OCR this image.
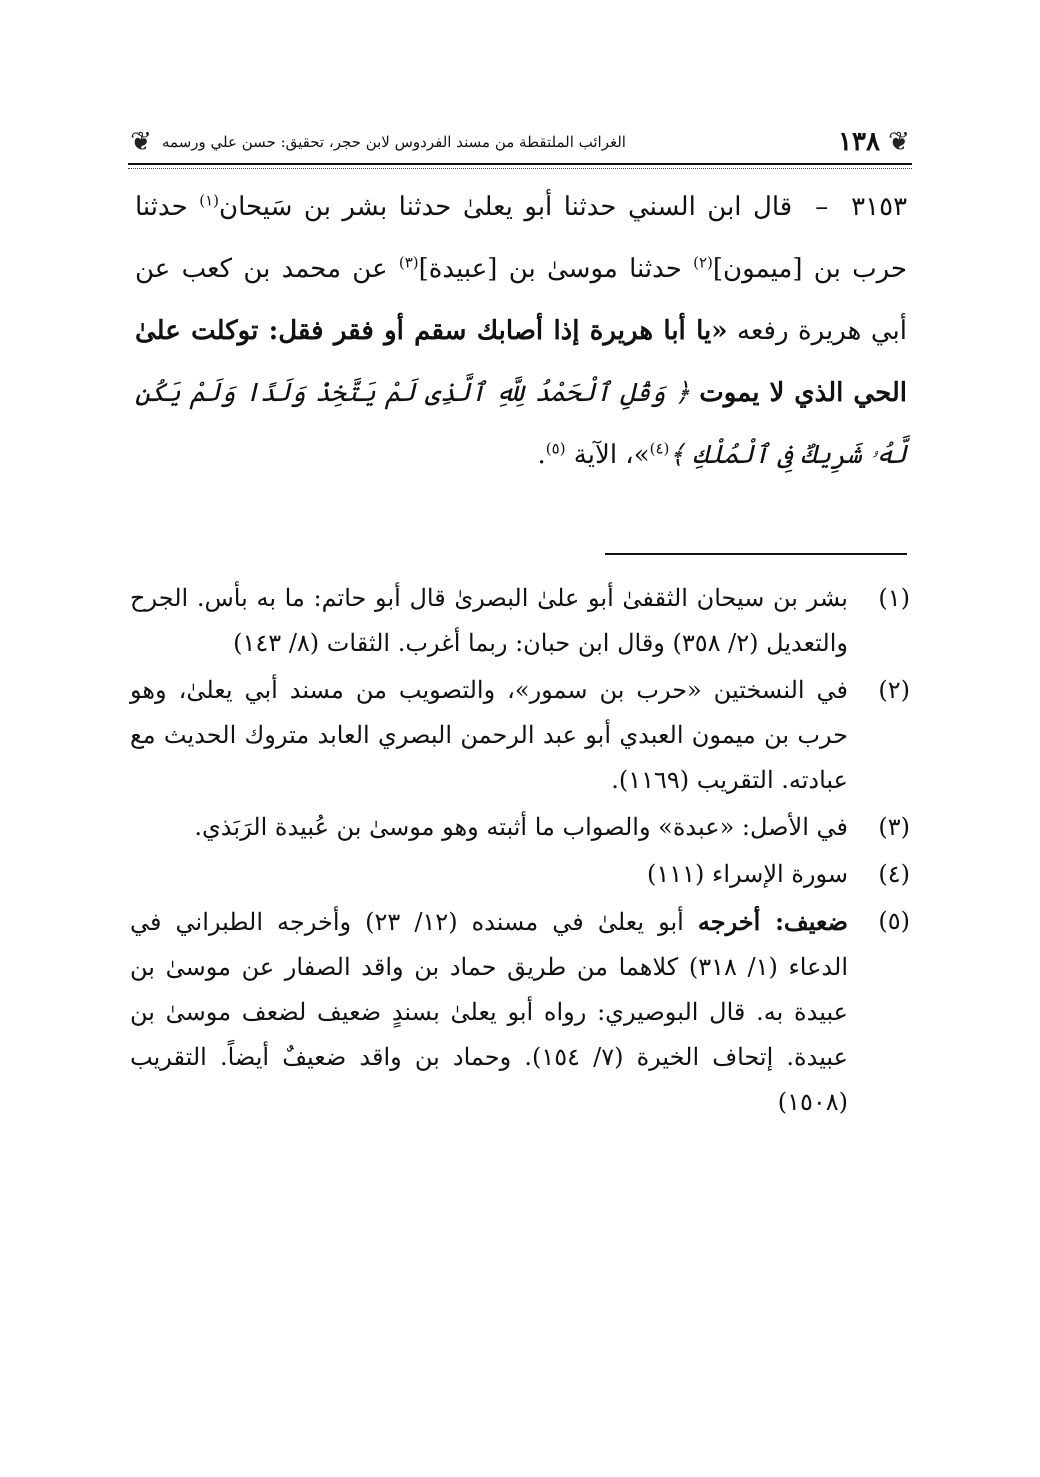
❦
١٣٨
الغرائب الملتقطة من مسند الفردوس لابن حجر، تحقيق: حسن علي ورسمه
❦

٣١٥٣  –  قال ابن السني حدثنا أبو يعلىٰ حدثنا بشر بن سَيحان$^{(١)}$ حدثنا حرب بن [ميمون]$^{(٢)}$ حدثنا موسىٰ بن [عبيدة]$^{(٣)}$ عن محمد بن كعب عن أبي هريرة رفعه «يا أبا هريرة إذا أصابك سقم أو فقر فقل: توكلت علىٰ الحي الذي لا يموت ﴿ وَقُلِ ٱلْحَمْدُ لِلَّهِ ٱلَّذِى لَمْ يَتَّخِذْ وَلَدًا وَلَمْ يَكُن لَّهُۥ شَرِيكٌ فِى ٱلْمُلْكِ ﴾$^{(٤)}$»، الآية $^{(٥)}$.

(١)
بشر بن سيحان الثقفىٰ أبو علىٰ البصرىٰ قال أبو حاتم: ما به بأس. الجرح والتعديل (٢/ ٣٥٨) وقال ابن حبان: ربما أغرب. الثقات (٨/ ١٤٣)
(٢)
في النسختين «حرب بن سمور»، والتصويب من مسند أبي يعلىٰ، وهو حرب بن ميمون العبدي أبو عبد الرحمن البصري العابد متروك الحديث مع عبادته. التقريب (١١٦٩).
(٣)
في الأصل: «عبدة» والصواب ما أثبته وهو موسىٰ بن عُبيدة الرَبَذي.
(٤)
سورة الإسراء (١١١)
(٥)
ضعيف: أخرجه أبو يعلىٰ في مسنده (١٢/ ٢٣) وأخرجه الطبراني في الدعاء (١/ ٣١٨) كلاهما من طريق حماد بن واقد الصفار عن موسىٰ بن عبيدة به. قال البوصيري: رواه أبو يعلىٰ بسندٍ ضعيف لضعف موسىٰ بن عبيدة. إتحاف الخيرة (٧/ ١٥٤). وحماد بن واقد ضعيفٌ أيضاً. التقريب (١٥٠٨)
